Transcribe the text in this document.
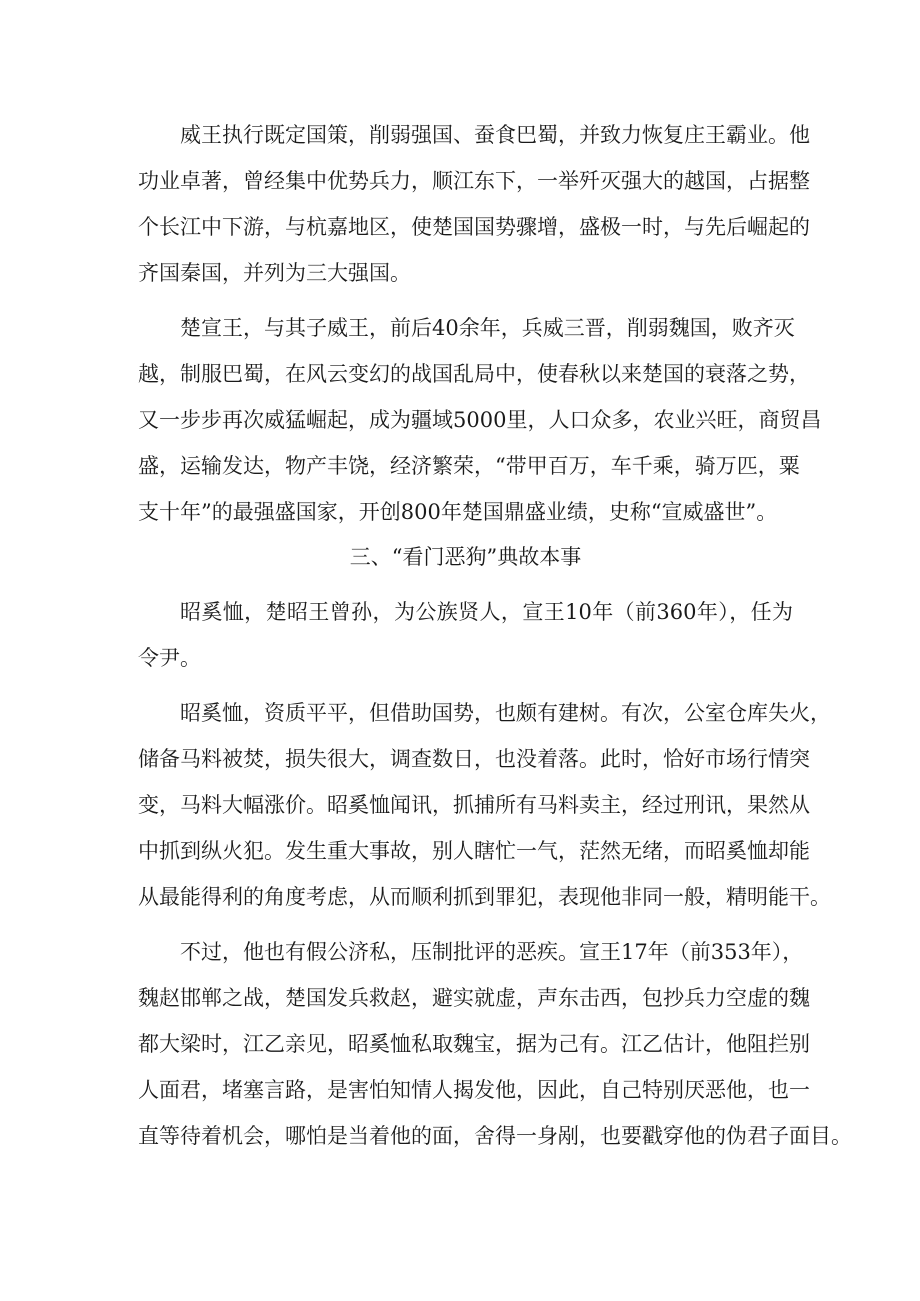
威王执行既定国策，削弱强国、蚕食巴蜀，并致力恢复庄王霸业。他
功业卓著，曾经集中优势兵力，顺江东下，一举歼灭强大的越国，占据整
个长江中下游，与杭嘉地区，使楚国国势骤增，盛极一时，与先后崛起的
齐国秦国，并列为三大强国。
楚宣王，与其子威王，前后40余年，兵威三晋，削弱魏国，败齐灭
越，制服巴蜀，在风云变幻的战国乱局中，使春秋以来楚国的衰落之势，
又一步步再次威猛崛起，成为疆域5000里，人口众多，农业兴旺，商贸昌
盛，运输发达，物产丰饶，经济繁荣，“带甲百万，车千乘，骑万匹，粟
支十年”的最强盛国家，开创800年楚国鼎盛业绩，史称“宣威盛世”。
三、“看门恶狗”典故本事
昭奚恤，楚昭王曾孙，为公族贤人，宣王10年（前360年），任为
令尹。
昭奚恤，资质平平，但借助国势，也颇有建树。有次，公室仓库失火，
储备马料被焚，损失很大，调查数日，也没着落。此时，恰好市场行情突
变，马料大幅涨价。昭奚恤闻讯，抓捕所有马料卖主，经过刑讯，果然从
中抓到纵火犯。发生重大事故，别人瞎忙一气，茫然无绪，而昭奚恤却能
从最能得利的角度考虑，从而顺利抓到罪犯，表现他非同一般，精明能干。
不过，他也有假公济私，压制批评的恶疾。宣王17年（前353年），
魏赵邯郸之战，楚国发兵救赵，避实就虚，声东击西，包抄兵力空虚的魏
都大梁时，江乙亲见，昭奚恤私取魏宝，据为己有。江乙估计，他阻拦别
人面君，堵塞言路，是害怕知情人揭发他，因此，自己特别厌恶他，也一
直等待着机会，哪怕是当着他的面，舍得一身剐，也要戳穿他的伪君子面目。
